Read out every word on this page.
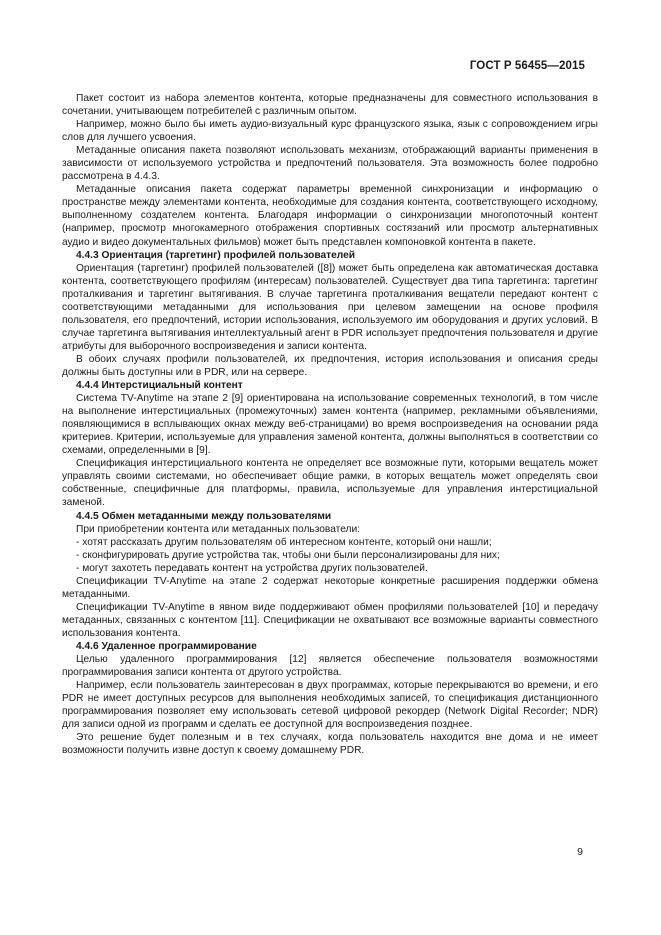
ГОСТ Р 56455—2015

Пакет состоит из набора элементов контента, которые предназначены для совместного использования в сочетании, учитывающем потребителей с различным опытом.

Например, можно было бы иметь аудио-визуальный курс французского языка, язык с сопровождением игры слов для лучшего усвоения.

Метаданные описания пакета позволяют использовать механизм, отображающий варианты применения в зависимости от используемого устройства и предпочтений пользователя. Эта возможность более подробно рассмотрена в 4.4.3.

Метаданные описания пакета содержат параметры временной синхронизации и информацию о пространстве между элементами контента, необходимые для создания контента, соответствующего исходному, выполненному создателем контента. Благодаря информации о синхронизации многопоточный контент (например, просмотр многокамерного отображения спортивных состязаний или просмотр альтернативных аудио и видео документальных фильмов) может быть представлен компоновкой контента в пакете.

4.4.3 Ориентация (таргетинг) профилей пользователей

Ориентация (таргетинг) профилей пользователей ([8]) может быть определена как автоматическая доставка контента, соответствующего профилям (интересам) пользователей. Существует два типа таргетинга: таргетинг проталкивания и таргетинг вытягивания. В случае таргетинга проталкивания вещатели передают контент с соответствующими метаданными для использования при целевом замещении на основе профиля пользователя, его предпочтений, истории использования, используемого им оборудования и других условий. В случае таргетинга вытягивания интеллектуальный агент в PDR использует предпочтения пользователя и другие атрибуты для выборочного воспроизведения и записи контента.

В обоих случаях профили пользователей, их предпочтения, история использования и описания среды должны быть доступны или в PDR, или на сервере.

4.4.4 Интерстициальный контент

Система TV-Anytime на этапе 2 [9] ориентирована на использование современных технологий, в том числе на выполнение интерстициальных (промежуточных) замен контента (например, рекламными объявлениями, появляющимися в всплывающих окнах между веб-страницами) во время воспроизведения на основании ряда критериев. Критерии, используемые для управления заменой контента, должны выполняться в соответствии со схемами, определенными в [9].

Спецификация интерстициального контента не определяет все возможные пути, которыми вещатель может управлять своими системами, но обеспечивает общие рамки, в которых вещатель может определять свои собственные, специфичные для платформы, правила, используемые для управления интерстициальной заменой.

4.4.5 Обмен метаданными между пользователями

При приобретении контента или метаданных пользователи:

- хотят рассказать другим пользователям об интересном контенте, который они нашли;
- сконфигурировать другие устройства так, чтобы они были персонализированы для них;
- могут захотеть передавать контент на устройства других пользователей.

Спецификации TV-Anytime на этапе 2 содержат некоторые конкретные расширения поддержки обмена метаданными.

Спецификации TV-Anytime в явном виде поддерживают обмен профилями пользователей [10] и передачу метаданных, связанных с контентом [11]. Спецификации не охватывают все возможные варианты совместного использования контента.

4.4.6 Удаленное программирование

Целью удаленного программирования [12] является обеспечение пользователя возможностями программирования записи контента от другого устройства.

Например, если пользователь заинтересован в двух программах, которые перекрываются во времени, и его PDR не имеет доступных ресурсов для выполнения необходимых записей, то спецификация дистанционного программирования позволяет ему использовать сетевой цифровой рекордер (Network Digital Recorder; NDR) для записи одной из программ и сделать ее доступной для воспроизведения позднее.

Это решение будет полезным и в тех случаях, когда пользователь находится вне дома и не имеет возможности получить извне доступ к своему домашнему PDR.

9
